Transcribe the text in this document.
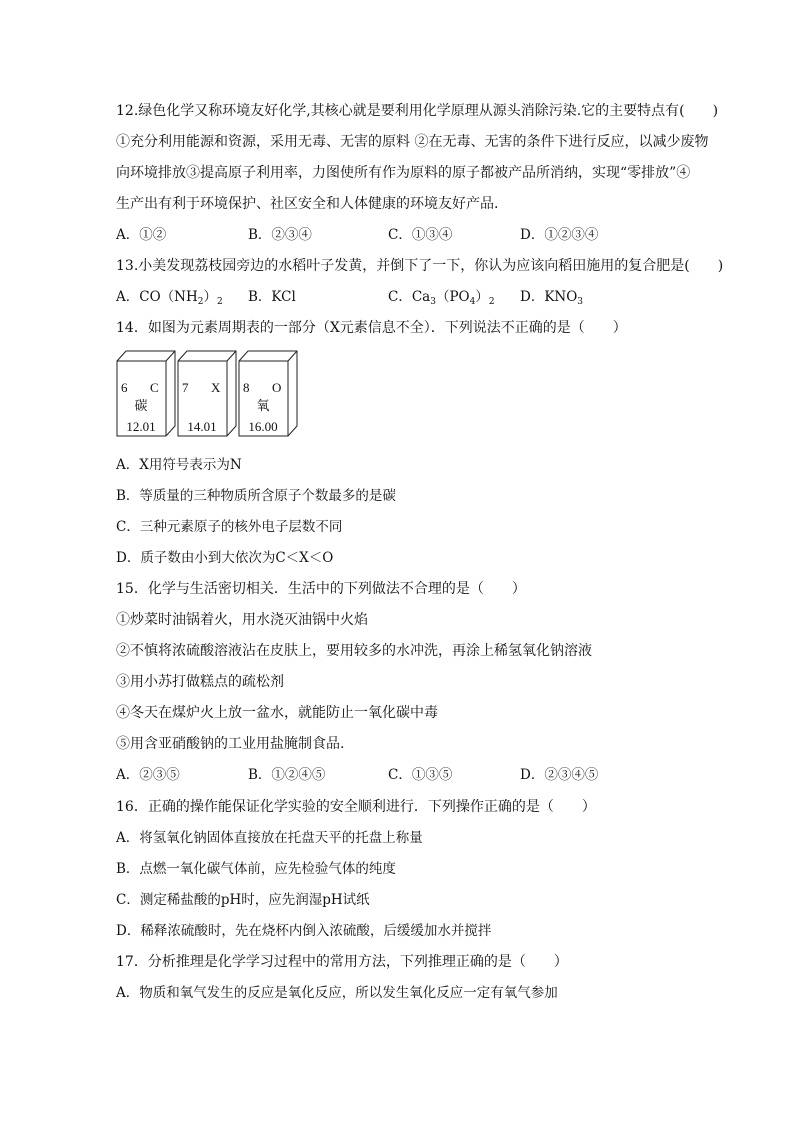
12.绿色化学又称环境友好化学,其核心就是要利用化学原理从源头消除污染.它的主要特点有(　　)
①充分利用能源和资源，采用无毒、无害的原料 ②在无毒、无害的条件下进行反应，以减少废物
向环境排放③提高原子利用率，力图使所有作为原料的原子都被产品所消纳，实现“零排放”④
生产出有利于环境保护、社区安全和人体健康的环境友好产品.
A．①②	B．②③④	C．①③④	D．①②③④
13.小美发现荔枝园旁边的水稻叶子发黄，并倒下了一下，你认为应该向稻田施用的复合肥是(　　)
A．$CO(NH_2)_2$ B．KCl	C．$Ca_3(PO_4)_2$ D．$KNO_3$
14．如图为元素周期表的一部分（X元素信息不全）．下列说法不正确的是（　　）
6 C
碳
12.01
7 X
14.01
8 O
氧
16.00
A．X用符号表示为N
B．等质量的三种物质所含原子个数最多的是碳
C．三种元素原子的核外电子层数不同
D．质子数由小到大依次为C＜X＜O
15．化学与生活密切相关．生活中的下列做法不合理的是（　　）
①炒菜时油锅着火，用水浇灭油锅中火焰
②不慎将浓硫酸溶液沾在皮肤上，要用较多的水冲洗，再涂上稀氢氧化钠溶液
③用小苏打做糕点的疏松剂
④冬天在煤炉火上放一盆水，就能防止一氧化碳中毒
⑤用含亚硝酸钠的工业用盐腌制食品.
A．②③⑤	B．①②④⑤	C．①③⑤	D．②③④⑤
16．正确的操作能保证化学实验的安全顺利进行．下列操作正确的是（　　）
A．将氢氧化钠固体直接放在托盘天平的托盘上称量
B．点燃一氧化碳气体前，应先检验气体的纯度
C．测定稀盐酸的pH时，应先润湿pH试纸
D．稀释浓硫酸时，先在烧杯内倒入浓硫酸，后缓缓加水并搅拌
17．分析推理是化学学习过程中的常用方法，下列推理正确的是（　　）
A．物质和氧气发生的反应是氧化反应，所以发生氧化反应一定有氧气参加
